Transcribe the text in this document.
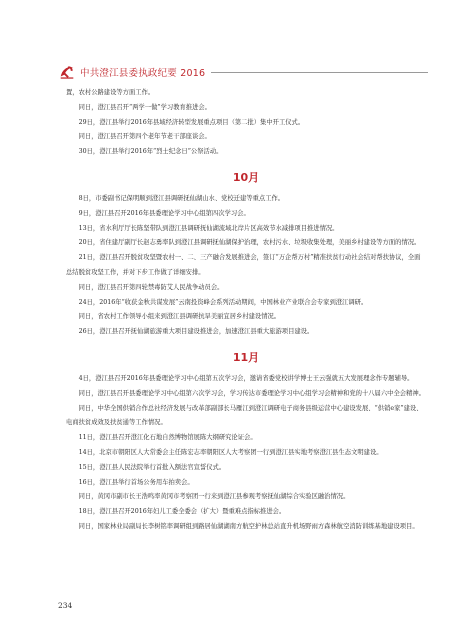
中共澄江县委执政纪要 2016

置，农村公路建设等方面工作。

同日，澄江县召开“两学一做”学习教育推进会。

29日，澄江县举行2016年县域经济转型发展重点项目（第二批）集中开工仪式。

同日，澄江县召开第四个老年节老干部座谈会。

30日，澄江县举行2016年“烈士纪念日”公祭活动。

10月

8日，市委副书记保明顺到澄江县调研抚仙湖山水、党校迁建等重点工作。

9日，澄江县召开2016年县委理论学习中心组第四次学习会。

13日，省水利厅厅长陈坚带队到澄江县调研抚仙湖流域北岸片区高效节水减排项目推进情况。

20日，省住建厅副厅长赵志勇率队到澄江县调研抚仙湖保护治理，农村污水、垃圾收集处理，美丽乡村建设等方面的情况。

21日，澄江县召开脱贫攻坚暨农村一、二、三产融合发展推进会，签订“万企帮万村”精准扶贫行动社会结对帮扶协议，全面总结脱贫攻坚工作，并对下步工作做了详细安排。

同日，澄江县召开第四轮禁毒防艾人民战争动员会。

24日，2016年“收获金秋共谋发展”云南投资峰会系列活动期间，中国林业产业联合会专家到澄江调研。

同日，省农村工作领导小组来到澄江县调研抗旱美丽宜居乡村建设情况。

26日，澄江县召开抚仙湖旅游重大项目建设推进会，加速澄江县重大旅游项目建设。

11月

4日，澄江县召开2016年县委理论学习中心组第五次学习会，邀请省委党校讲学博士王云强就五大发展理念作专题辅导。

同日，澄江县召开县委理论学习中心组第六次学习会，学习传达市委理论学习中心组学习会精神和党的十八届六中全会精神。

同日，中华全国供销合作总社经济发展与改革部副部长马雁江到澄江调研电子商务县级运营中心建设发展、“供销e家”建设、电商扶贫成效及扶贫通等工作情况。

11日，澄江县召开澄江化石地自然博物馆展陈大纲研究论证会。

14日，北京市朝阳区人大常委会主任陈宏志率朝阳区人大考察团一行到澄江县实地考察澄江县生态文明建设。

15日，澄江县人民法院举行首批入额法官宣誓仪式。

16日，澄江县举行首场公务用车拍卖会。

同日，黄冈市副市长王浩鸣率黄冈市考察团一行来到澄江县参观考察抚仙湖综合实验区融治情况。

18日，澄江县召开2016年妇儿工委全委会（扩大）暨重难点指标推进会。

同日，国家林业局副局长李树铭率调研组到路居仙湖湖南方航空护林总站直升机场野雨方森林航空消防训练基地建设项目。

234
